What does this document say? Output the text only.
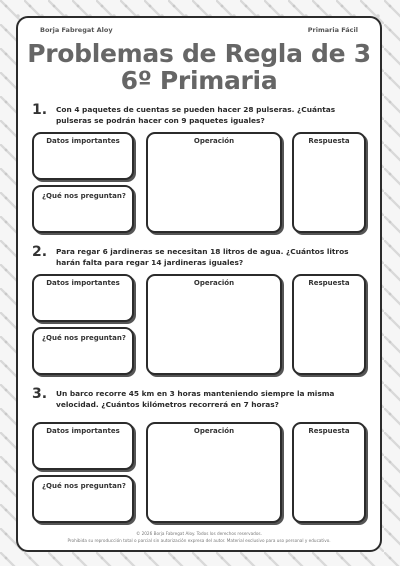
Borja Fabregat Aloy	Primaria Fácil
Problemas de Regla de 3
6º Primaria
1. Con 4 paquetes de cuentas se pueden hacer 28 pulseras. ¿Cuántas pulseras se podrán hacer con 9 paquetes iguales?
Datos importantes
¿Qué nos preguntan?
Operación	Respuesta
2. Para regar 6 jardineras se necesitan 18 litros de agua. ¿Cuántos litros harán falta para regar 14 jardineras iguales?
Datos importantes
¿Qué nos preguntan?
Operación	Respuesta
3. Un barco recorre 45 km en 3 horas manteniendo siempre la misma velocidad. ¿Cuántos kilómetros recorrerá en 7 horas?
Datos importantes
¿Qué nos preguntan?
Operación	Respuesta
© 2026 Borja Fabregat Aloy. Todos los derechos reservados.
Prohibida su reproducción total o parcial sin autorización expresa del autor. Material exclusivo para uso personal y educativo.
